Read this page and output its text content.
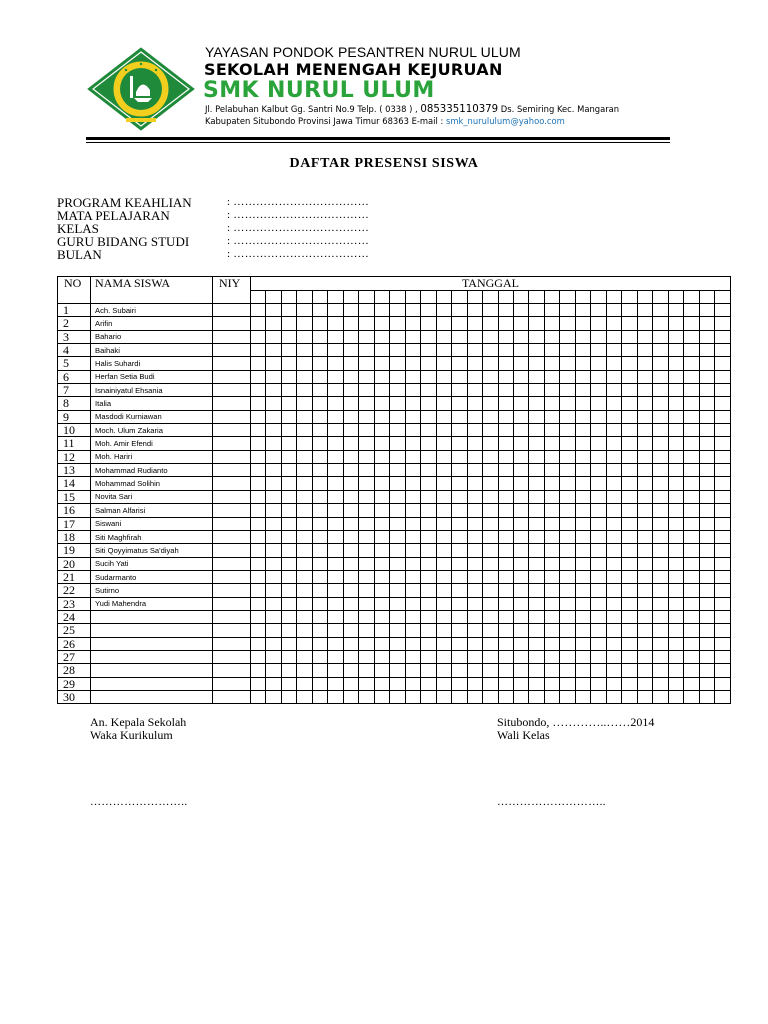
YAYASAN PONDOK PESANTREN NURUL ULUM
SEKOLAH MENENGAH KEJURUAN
SMK NURUL ULUM
Jl. Pelabuhan Kalbut Gg. Santri No.9 Telp. ( 0338 ) , 085335110379 Ds. Semiring Kec. Mangaran
Kabupaten Situbondo Provinsi Jawa Timur 68363 E-mail : smk_nurululum@yahoo.com
DAFTAR PRESENSI SISWA
PROGRAM KEAHLIAN	: ………………………………
MATA PELAJARAN	: ………………………………
KELAS	: ………………………………
GURU BIDANG STUDI	: ………………………………
BULAN	: ………………………………
NO	NAMA SISWA	NIY	TANGGAL																														

1	Ach. Subairi																																
2	Arifin																																
3	Bahario																																
4	Baihaki																																
5	Halis Suhardi																																
6	Herfan Setia Budi																																
7	Isnainiyatul Ehsania																																
8	Italia																																
9	Masdodi Kurniawan																																
10	Moch. Ulum Zakaria																																
11	Moh. Amir Efendi																																
12	Moh. Hariri																																
13	Mohammad Rudianto																																
14	Mohammad Solihin																																
15	Novita Sari																																
16	Salman Alfarisi																																
17	Siswani																																
18	Siti Maghfirah																																
19	Siti Qoyyimatus Sa'diyah																																
20	Sucih Yati																																
21	Sudarmanto																																
22	Sutirno																																
23	Yudi Mahendra																																
24																																	
25																																	
26																																	
27																																	
28																																	
29																																	
30																																	
An. Kepala Sekolah
Waka Kurikulum
Situbondo, …………..……2014
Wali Kelas
……………………..	………………………..
